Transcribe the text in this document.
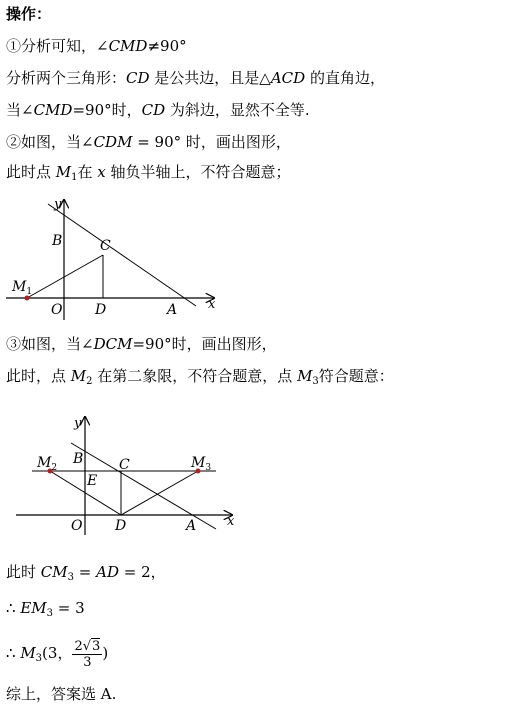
操作：
①分析可知，∠CMD≠90°
分析两个三角形：CD 是公共边，且是△ACD 的直角边，
当∠CMD=90°时，CD 为斜边，显然不全等.
②如图，当∠CDM = 90° 时，画出图形，
此时点 $M_1$在 x 轴负半轴上，不符合题意；
y
B	C
$M_1$
O D	A x
③如图，当∠DCM=90°时，画出图形，
此时，点 $M_2$ 在第二象限，不符合题意，点 $M_3$符合题意：
y
B	C
$M_2$	$M_3$
E
O D	A x
此时 $CM_3$ = AD = 2，
∴ $EM_3 = 3$
∴ $M_3(3$， $\frac{2√3}{3}$ )
综上，答案选 A.
